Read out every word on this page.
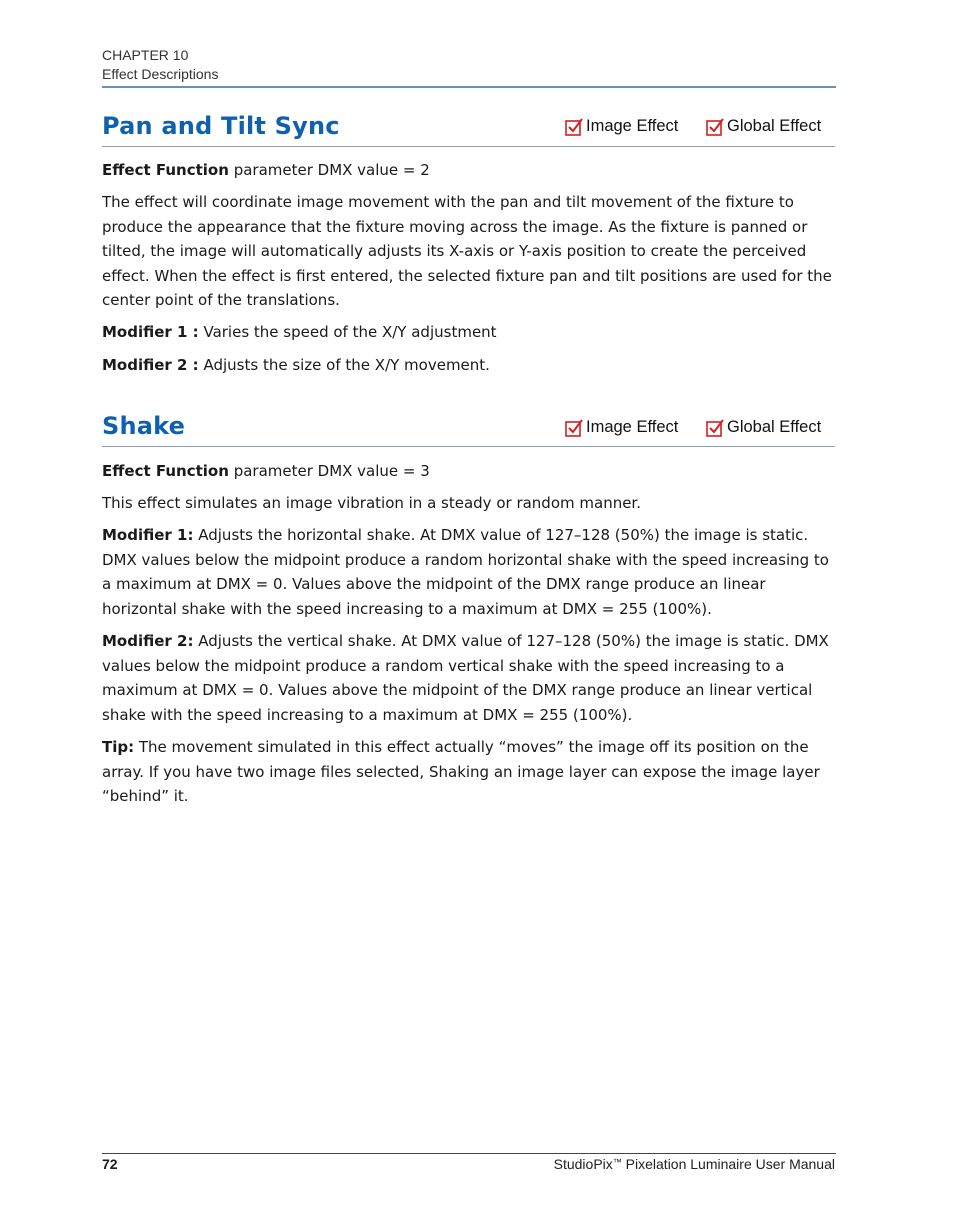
CHAPTER 10
Effect Descriptions
Pan and Tilt Sync	Image Effect	Global Effect
Effect Function parameter DMX value = 2
The effect will coordinate image movement with the pan and tilt movement of the fixture to produce the appearance that the fixture moving across the image. As the fixture is panned or tilted, the image will automatically adjusts its X-axis or Y-axis position to create the perceived effect. When the effect is first entered, the selected fixture pan and tilt positions are used for the center point of the translations.
Modifier 1 : Varies the speed of the X/Y adjustment
Modifier 2 : Adjusts the size of the X/Y movement.
Shake	Image Effect	Global Effect
Effect Function parameter DMX value = 3
This effect simulates an image vibration in a steady or random manner.
Modifier 1: Adjusts the horizontal shake. At DMX value of 127–128 (50%) the image is static. DMX values below the midpoint produce a random horizontal shake with the speed increasing to a maximum at DMX = 0. Values above the midpoint of the DMX range produce an linear horizontal shake with the speed increasing to a maximum at DMX = 255 (100%).
Modifier 2: Adjusts the vertical shake. At DMX value of 127–128 (50%) the image is static. DMX values below the midpoint produce a random vertical shake with the speed increasing to a maximum at DMX = 0. Values above the midpoint of the DMX range produce an linear vertical shake with the speed increasing to a maximum at DMX = 255 (100%).
Tip: The movement simulated in this effect actually “moves” the image off its position on the array. If you have two image files selected, Shaking an image layer can expose the image layer “behind” it.
72	StudioPix™ Pixelation Luminaire User Manual
